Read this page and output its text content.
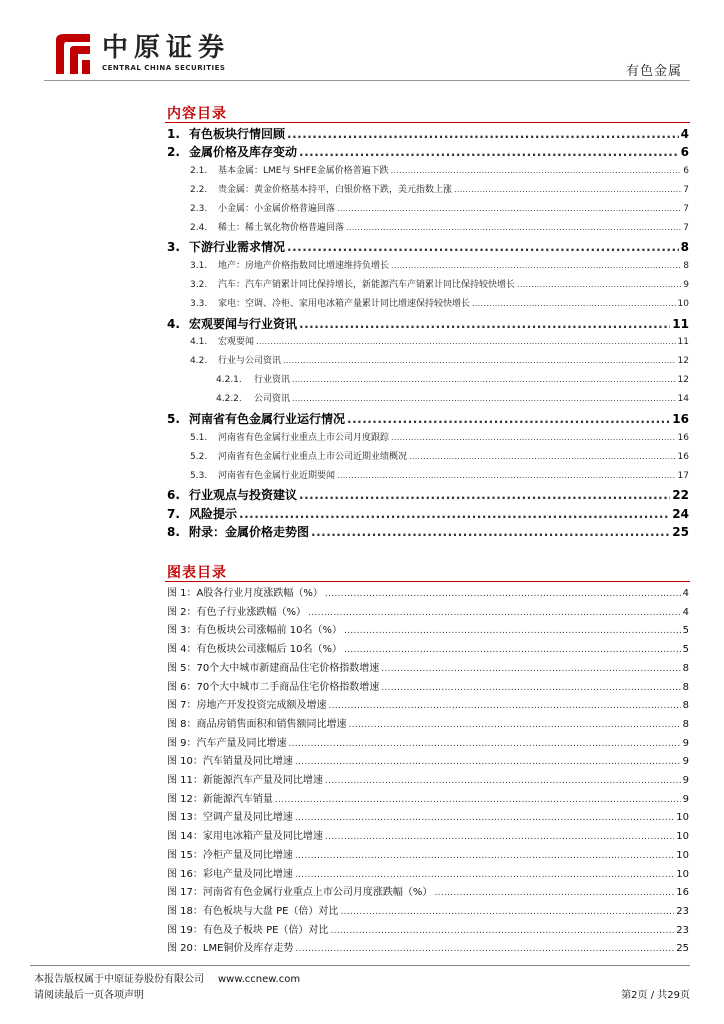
中原证券
CENTRAL CHINA SECURITIES	有色金属
内容目录
1. 有色板块行情回顾 .....	4
2. 金属价格及库存变动 .....	6
2.1.	基本金属：LME与 SHFE金属价格普遍下跌 .....	6
2.2.	贵金属：黄金价格基本持平，白银价格下跌，美元指数上涨 .....	7
2.3.	小金属：小金属价格普遍回落 .....	7
2.4.	稀土：稀土氧化物价格普遍回落 .....	7
3. 下游行业需求情况 .....	8
3.1.	地产：房地产价格指数同比增速维持负增长 .....	8
3.2.	汽车：汽车产销累计同比保持增长，新能源汽车产销累计同比保持较快增长 .....	9
3.3.	家电：空调、冷柜、家用电冰箱产量累计同比增速保持较快增长 .....	10
4. 宏观要闻与行业资讯 .....	11
4.1.	宏观要闻 .....	11
4.2.	行业与公司资讯 .....	12
4.2.1.	行业资讯 .....	12
4.2.2.	公司资讯 .....	14
5. 河南省有色金属行业运行情况 .....	16
5.1.	河南省有色金属行业重点上市公司月度跟踪 .....	16
5.2.	河南省有色金属行业重点上市公司近期业绩概况 .....	16
5.3.	河南省有色金属行业近期要闻 .....	17
6. 行业观点与投资建议 .....	22
7. 风险提示 .....	24
8. 附录：金属价格走势图 .....	25
图表目录
图 1：A股各行业月度涨跌幅（%） .....	4
图 2：有色子行业涨跌幅（%） .....	4
图 3：有色板块公司涨幅前 10名（%） .....	5
图 4：有色板块公司涨幅后 10名（%） .....	5
图 5：70个大中城市新建商品住宅价格指数增速 .....	8
图 6：70个大中城市二手商品住宅价格指数增速 .....	8
图 7：房地产开发投资完成额及增速 .....	8
图 8：商品房销售面积和销售额同比增速 .....	8
图 9：汽车产量及同比增速 .....	9
图 10：汽车销量及同比增速 .....	9
图 11：新能源汽车产量及同比增速 .....	9
图 12：新能源汽车销量 .....	9
图 13：空调产量及同比增速 .....	10
图 14：家用电冰箱产量及同比增速 .....	10
图 15：冷柜产量及同比增速 .....	10
图 16：彩电产量及同比增速 .....	10
图 17：河南省有色金属行业重点上市公司月度涨跌幅（%） .....	16
图 18：有色板块与大盘 PE（倍）对比 .....	23
图 19：有色及子板块 PE（倍）对比 .....	23
图 20：LME铜价及库存走势 .....	25
本报告版权属于中原证券股份有限公司 www.ccnew.com
请阅读最后一页各项声明	第2页 / 共29页
